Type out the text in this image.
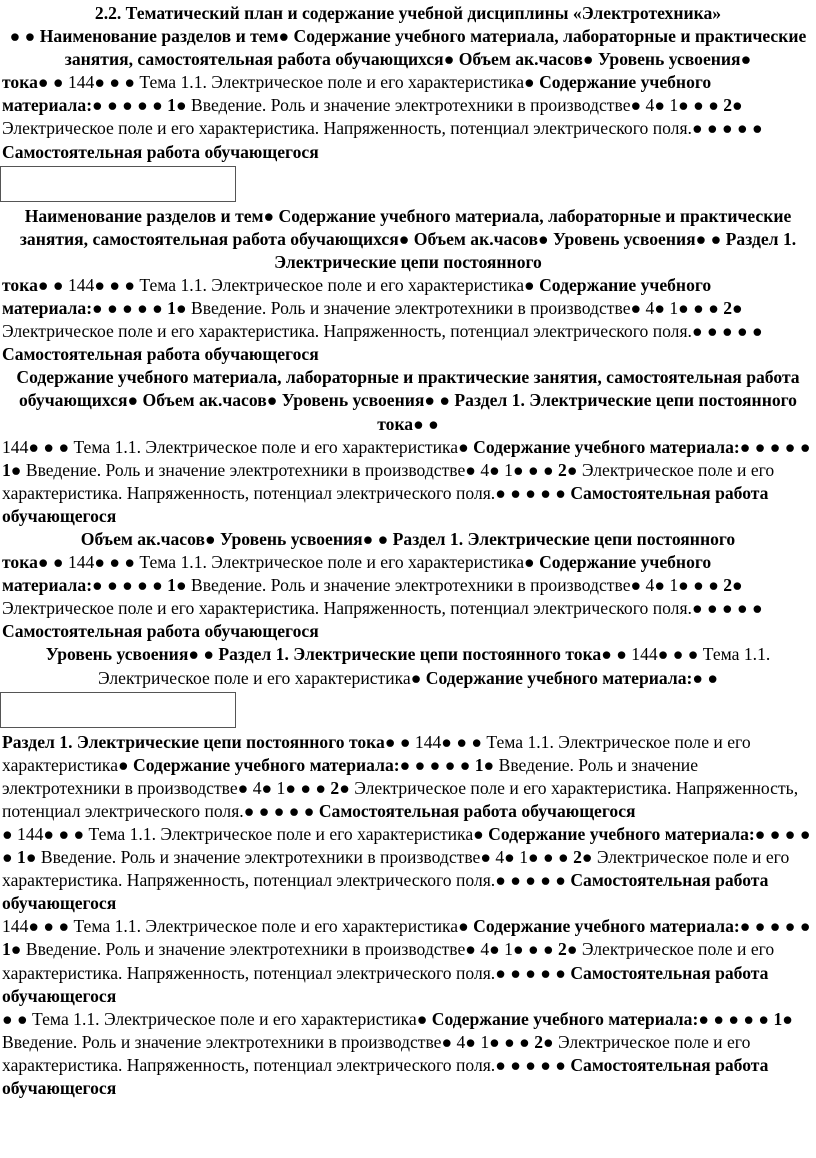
2.2. Тематический план и содержание учебной дисциплины «Электротехника»

● ● Наименование разделов и тем● Содержание учебного материала, лабораторные и практические занятия, самостоятельная работа обучающихся● Объем ак.часов● Уровень усвоения●

тока● ● 144● ● ● Тема 1.1. Электрическое поле и его характеристика● Содержание учебного материала:● ● ● ● ● 1● Введение. Роль и значение электротехники в производстве● 4● 1● ● ● 2● Электрическое поле и его характеристика. Напряженность, потенциал электрического поля.● ● ● ● ● Самостоятельная работа обучающегося

Наименование разделов и тем● Содержание учебного материала, лабораторные и практические занятия, самостоятельная работа обучающихся● Объем ак.часов● Уровень усвоения● ● Раздел 1. Электрические цепи постоянного

тока● ● 144● ● ● Тема 1.1. Электрическое поле и его характеристика● Содержание учебного материала:● ● ● ● ● 1● Введение. Роль и значение электротехники в производстве● 4● 1● ● ● 2● Электрическое поле и его характеристика. Напряженность, потенциал электрического поля.● ● ● ● ● Самостоятельная работа обучающегося

Содержание учебного материала, лабораторные и практические занятия, самостоятельная работа обучающихся● Объем ак.часов● Уровень усвоения● ● Раздел 1. Электрические цепи постоянного тока● ●

144● ● ● Тема 1.1. Электрическое поле и его характеристика● Содержание учебного материала:● ● ● ● ● 1● Введение. Роль и значение электротехники в производстве● 4● 1● ● ● 2● Электрическое поле и его характеристика. Напряженность, потенциал электрического поля.● ● ● ● ● Самостоятельная работа обучающегося

Объем ак.часов● Уровень усвоения● ● Раздел 1. Электрические цепи постоянного

тока● ● 144● ● ● Тема 1.1. Электрическое поле и его характеристика● Содержание учебного материала:● ● ● ● ● 1● Введение. Роль и значение электротехники в производстве● 4● 1● ● ● 2● Электрическое поле и его характеристика. Напряженность, потенциал электрического поля.● ● ● ● ● Самостоятельная работа обучающегося

Уровень усвоения● ● Раздел 1. Электрические цепи постоянного тока● ● 144● ● ● Тема 1.1. Электрическое поле и его характеристика● Содержание учебного материала:● ●

Раздел 1. Электрические цепи постоянного тока● ● 144● ● ● Тема 1.1. Электрическое поле и его характеристика● Содержание учебного материала:● ● ● ● ● 1● Введение. Роль и значение электротехники в производстве● 4● 1● ● ● 2● Электрическое поле и его характеристика. Напряженность, потенциал электрического поля.● ● ● ● ● Самостоятельная работа обучающегося

● 144● ● ● Тема 1.1. Электрическое поле и его характеристика● Содержание учебного материала:● ● ● ● ● 1● Введение. Роль и значение электротехники в производстве● 4● 1● ● ● 2● Электрическое поле и его характеристика. Напряженность, потенциал электрического поля.● ● ● ● ● Самостоятельная работа обучающегося

144● ● ● Тема 1.1. Электрическое поле и его характеристика● Содержание учебного материала:● ● ● ● ● 1● Введение. Роль и значение электротехники в производстве● 4● 1● ● ● 2● Электрическое поле и его характеристика. Напряженность, потенциал электрического поля.● ● ● ● ● Самостоятельная работа обучающегося

● ● Тема 1.1. Электрическое поле и его характеристика● Содержание учебного материала:● ● ● ● ● 1● Введение. Роль и значение электротехники в производстве● 4● 1● ● ● 2● Электрическое поле и его характеристика. Напряженность, потенциал электрического поля.● ● ● ● ● Самостоятельная работа обучающегося
